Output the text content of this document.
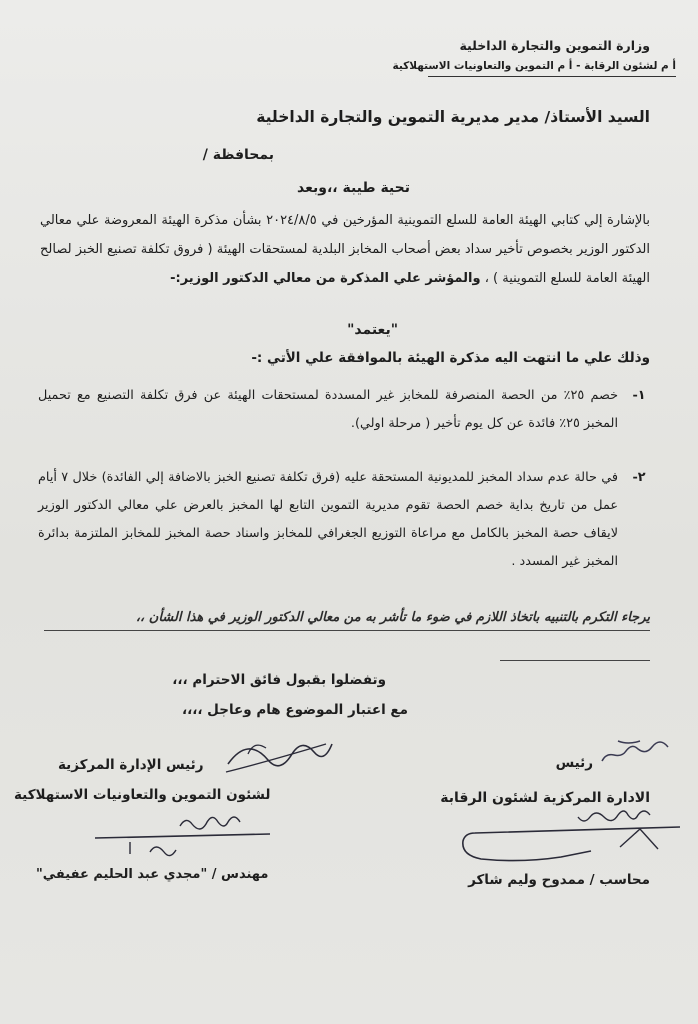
وزارة التموين والتجارة الداخلية
أ م لشئون الرقابة - أ م التموين والتعاونيات الاستهلاكية
السيد الأستاذ/ مدير مديرية التموين والتجارة الداخلية
بمحافظة /
تحية طيبة ،،وبعد
بالإشارة إلي كتابي الهيئة العامة للسلع التموينية المؤرخين في ٢٠٢٤/٨/٥ بشأن مذكرة الهيئة المعروضة علي معالي الدكتور الوزير بخصوص تأخير سداد بعض أصحاب المخابز البلدية لمستحقات الهيئة ( فروق تكلفة تصنيع الخبز لصالح الهيئة العامة للسلع التموينية ) ، والمؤشر علي المذكرة من معالي الدكتور الوزير:-
"يعتمد"
وذلك علي ما انتهت اليه مذكرة الهيئة بالموافقة علي الأتي :-
١-
خصم ٢٥٪ من الحصة المنصرفة للمخابز غير المسددة لمستحقات الهيئة عن فرق تكلفة التصنيع مع تحميل المخبز ٢٥٪ فائدة عن كل يوم تأخير ( مرحلة اولي).
٢-
في حالة عدم سداد المخبز للمديونية المستحقة عليه (فرق تكلفة تصنيع الخبز بالاضافة إلي الفائدة) خلال ٧ أيام عمل من تاريخ بداية خصم الحصة تقوم مديرية التموين التابع لها المخبز بالعرض علي معالي الدكتور الوزير لايقاف حصة المخبز بالكامل مع مراعاة التوزيع الجغرافي للمخابز واسناد حصة المخبز للمخابز الملتزمة بدائرة المخبز غير المسدد .
يرجاء التكرم بالتنبيه باتخاذ اللازم في ضوء ما تأشر به من معالي الدكتور الوزير في هذا الشأن ،،
وتفضلوا بقبول فائق الاحترام ،،،
مع اعتبار الموضوع هام وعاجل ،،،،
رئيس
الادارة المركزية لشئون الرقابة
محاسب / ممدوح وليم شاكر
رئيس الإدارة المركزية
لشئون التموين والتعاونيات الاستهلاكية
مهندس / "مجدي عبد الحليم عفيفي"
